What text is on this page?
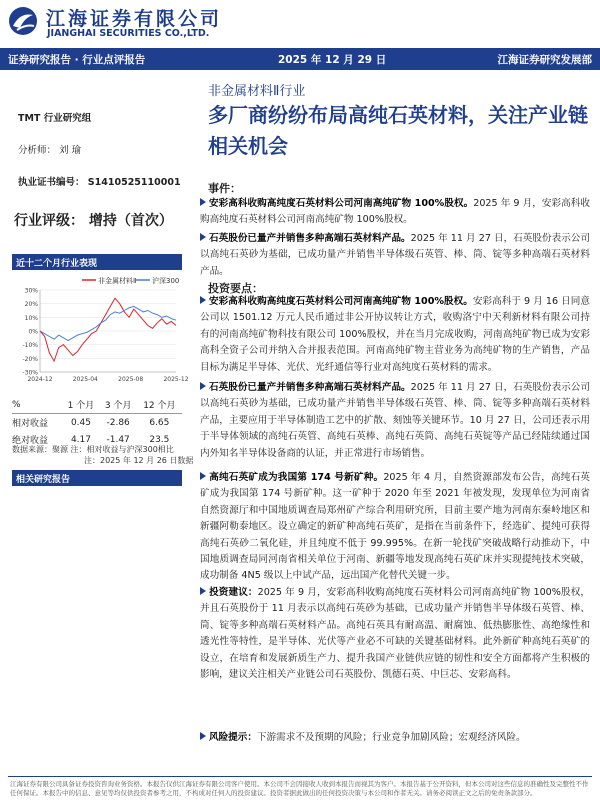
江海证券有限公司
JIANGHAI SECURITIES CO.,LTD.
证券研究报告 · 行业点评报告	2025 年 12 月 29 日	江海证券研究发展部
TMT 行业研究组
分析师： 刘 瑜
执业证书编号： S1410525110001
行业评级： 增持（首次）
近十二个月行业表现
30%
20%
10%
0%
-10%
-20%
-30%
2024-12	2025-04	2025-08	2025-12
非金属材料Ⅱ 沪深300
%	1 个月	3 个月	12 个月
相对收益	0.45	-2.86	6.65
绝对收益	4.17	-1.47	23.5
数据来源：聚源 注：相对收益与沪深300相比
注：2025 年 12 月 26 日数据
相关研究报告
非金属材料Ⅱ行业
多厂商纷纷布局高纯石英材料，关注产业链相关机会
事件：
安彩高科收购高纯度石英材料公司河南高纯矿物 100%股权。2025 年 9 月，安彩高科收购高纯度石英材料公司河南高纯矿物 100%股权。
石英股份已量产并销售多种高端石英材料产品。2025 年 11 月 27 日，石英股份表示公司以高纯石英砂为基础，已成功量产并销售半导体级石英管、棒、筒、锭等多种高端石英材料产品。
投资要点：
安彩高科收购高纯度石英材料公司河南高纯矿物 100%股权。安彩高科于 9 月 16 日同意公司以 1501.12 万元人民币通过非公开协议转让方式，收购洛宁中天利新材料有限公司持有的河南高纯矿物科技有限公司 100%股权，并在当月完成收购，河南高纯矿物已成为安彩高科全资子公司并纳入合并报表范围。河南高纯矿物主营业务为高纯矿物的生产销售，产品目标为满足半导体、光伏、光纤通信等行业对高纯度石英材料的需求。
石英股份已量产并销售多种高端石英材料产品。2025 年 11 月 27 日，石英股份表示公司以高纯石英砂为基础，已成功量产并销售半导体级石英管、棒、筒、锭等多种高端石英材料产品，主要应用于半导体制造工艺中的扩散、刻蚀等关键环节。10 月 27 日，公司还表示用于半导体领域的高纯石英管、高纯石英棒、高纯石英筒、高纯石英锭等产品已经陆续通过国内外知名半导体设备商的认证，并正常进行市场销售。
高纯石英矿成为我国第 174 号新矿种。2025 年 4 月，自然资源部发布公告，高纯石英矿成为我国第 174 号新矿种。这一矿种于 2020 年至 2021 年被发现，发现单位为河南省自然资源厅和中国地质调查局郑州矿产综合利用研究所，目前主要产地为河南东秦岭地区和新疆阿勒泰地区。设立确定的新矿种高纯石英矿，是指在当前条件下，经选矿、提纯可获得高纯石英砂二氧化硅，并且纯度不低于 99.995%。在新一轮找矿突破战略行动推动下，中国地质调查局同河南省相关单位于河南、新疆等地发现高纯石英矿床并实现提纯技术突破，成功制备 4N5 级以上中试产品，远出国产化替代关键一步。
投资建议：2025 年 9 月，安彩高科收购高纯度石英材料公司河南高纯矿物 100%股权，并且石英股份于 11 月表示以高纯石英砂为基础，已成功量产并销售半导体级石英管、棒、筒、锭等多种高端石英材料产品。高纯石英具有耐高温、耐腐蚀、低热膨胀性、高绝缘性和透光性等特性，是半导体、光伏等产业必不可缺的关键基础材料。此外新矿种高纯石英矿的设立，在培育和发展新质生产力、提升我国产业链供应链的韧性和安全方面都将产生积极的影响，建议关注相关产业链公司石英股份、凯德石英、中巨芯、安彩高科。
风险提示：下游需求不及预期的风险；行业竞争加剧风险；宏观经济风险。
江海证券有限公司具备证券投资咨询业务资格。本报告仅供江海证券有限公司客户使用。本公司不会因接收人收到本报告而视其为客户。本报告基于公开资料，但本公司对这些信息的准确性及完整性不作任何保证。本报告中的信息、意见等均仅供投资者参考之用，不构成对任何人的投资建议。投资者据此做出的任何投资决策与本公司和作者无关。请务必阅读正文之后的免责条款部分。
